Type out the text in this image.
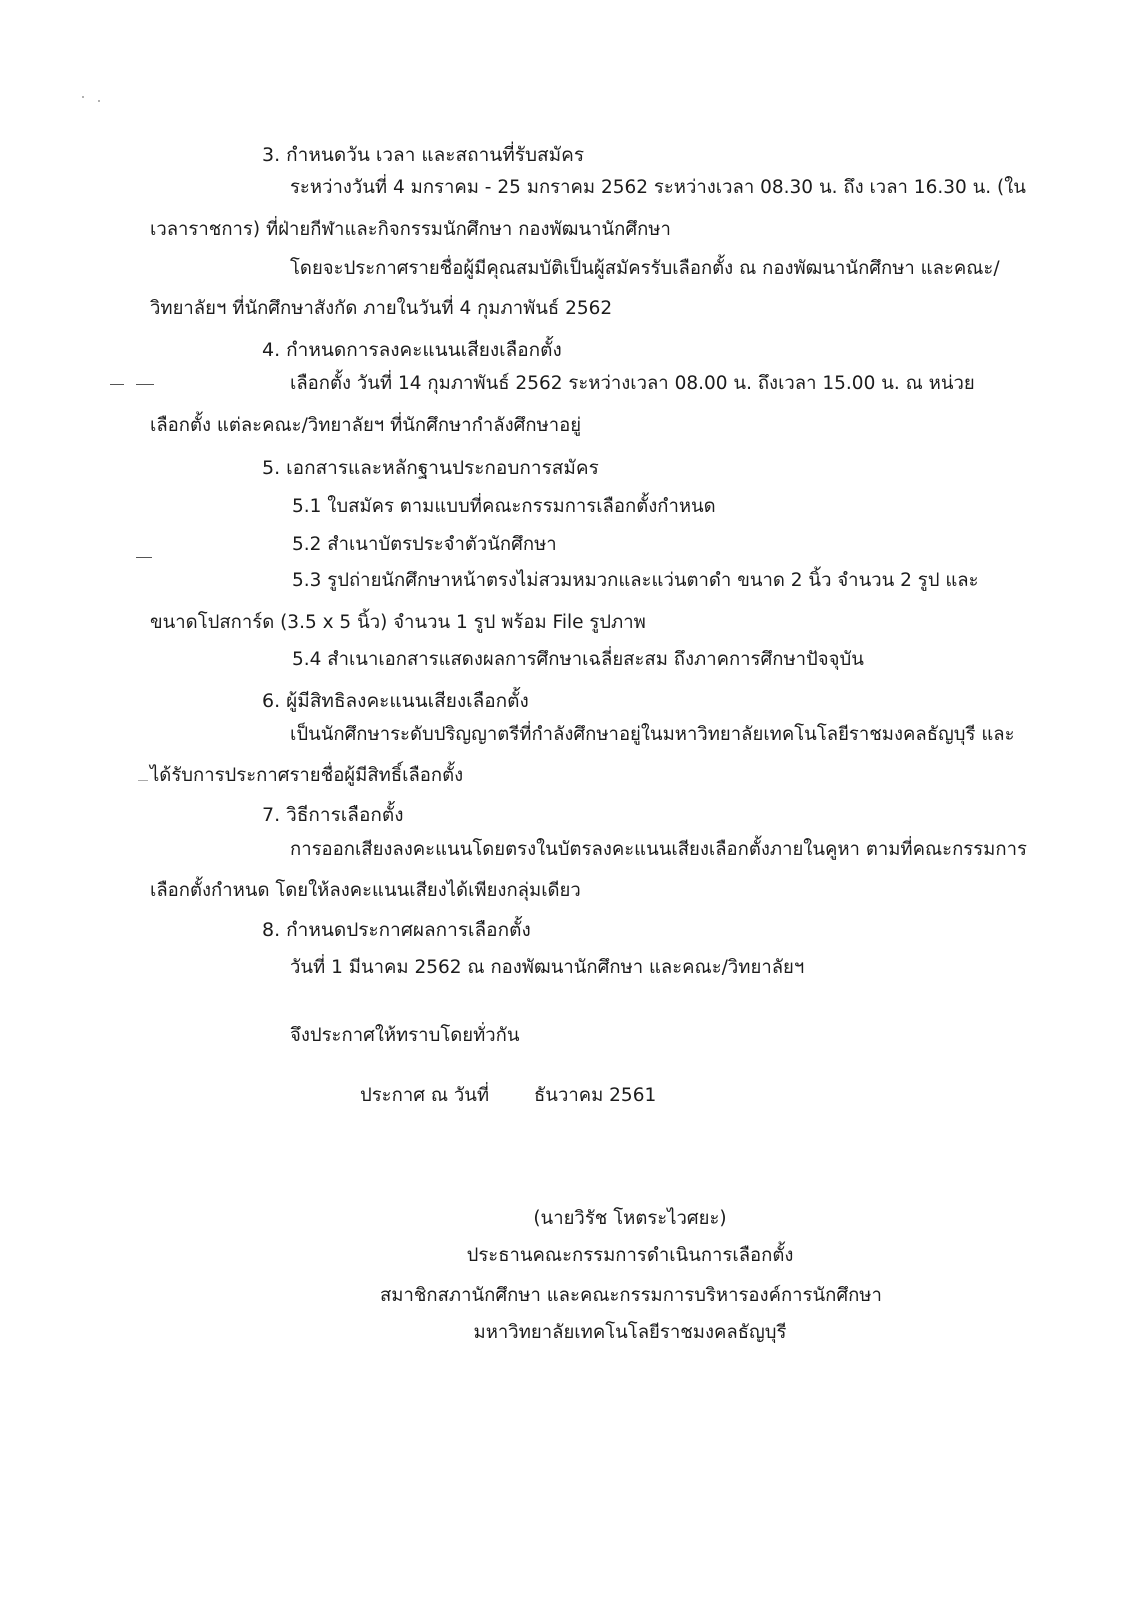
3. กำหนดวัน เวลา และสถานที่รับสมัคร
ระหว่างวันที่ 4 มกราคม - 25 มกราคม 2562 ระหว่างเวลา 08.30 น. ถึง เวลา 16.30 น. (ใน
เวลาราชการ) ที่ฝ่ายกีฬาและกิจกรรมนักศึกษา กองพัฒนานักศึกษา
โดยจะประกาศรายชื่อผู้มีคุณสมบัติเป็นผู้สมัครรับเลือกตั้ง ณ กองพัฒนานักศึกษา และคณะ/
วิทยาลัยฯ ที่นักศึกษาสังกัด ภายในวันที่ 4 กุมภาพันธ์ 2562
4. กำหนดการลงคะแนนเสียงเลือกตั้ง
เลือกตั้ง วันที่ 14 กุมภาพันธ์ 2562 ระหว่างเวลา 08.00 น. ถึงเวลา 15.00 น. ณ หน่วย
เลือกตั้ง แต่ละคณะ/วิทยาลัยฯ ที่นักศึกษากำลังศึกษาอยู่
5. เอกสารและหลักฐานประกอบการสมัคร
5.1 ใบสมัคร ตามแบบที่คณะกรรมการเลือกตั้งกำหนด
5.2 สำเนาบัตรประจำตัวนักศึกษา
5.3 รูปถ่ายนักศึกษาหน้าตรงไม่สวมหมวกและแว่นตาดำ ขนาด 2 นิ้ว จำนวน 2 รูป และ
ขนาดโปสการ์ด (3.5 x 5 นิ้ว) จำนวน 1 รูป พร้อม File รูปภาพ
5.4 สำเนาเอกสารแสดงผลการศึกษาเฉลี่ยสะสม ถึงภาคการศึกษาปัจจุบัน
6. ผู้มีสิทธิลงคะแนนเสียงเลือกตั้ง
เป็นนักศึกษาระดับปริญญาตรีที่กำลังศึกษาอยู่ในมหาวิทยาลัยเทคโนโลยีราชมงคลธัญบุรี และ
ได้รับการประกาศรายชื่อผู้มีสิทธิ์เลือกตั้ง
7. วิธีการเลือกตั้ง
การออกเสียงลงคะแนนโดยตรงในบัตรลงคะแนนเสียงเลือกตั้งภายในคูหา ตามที่คณะกรรมการ
เลือกตั้งกำหนด โดยให้ลงคะแนนเสียงได้เพียงกลุ่มเดียว
8. กำหนดประกาศผลการเลือกตั้ง
วันที่ 1 มีนาคม 2562 ณ กองพัฒนานักศึกษา และคณะ/วิทยาลัยฯ
จึงประกาศให้ทราบโดยทั่วกัน
ประกาศ ณ วันที่ ธันวาคม 2561
(นายวิรัช โหตระไวศยะ)
ประธานคณะกรรมการดำเนินการเลือกตั้ง
สมาชิกสภานักศึกษา และคณะกรรมการบริหารองค์การนักศึกษา
มหาวิทยาลัยเทคโนโลยีราชมงคลธัญบุรี
